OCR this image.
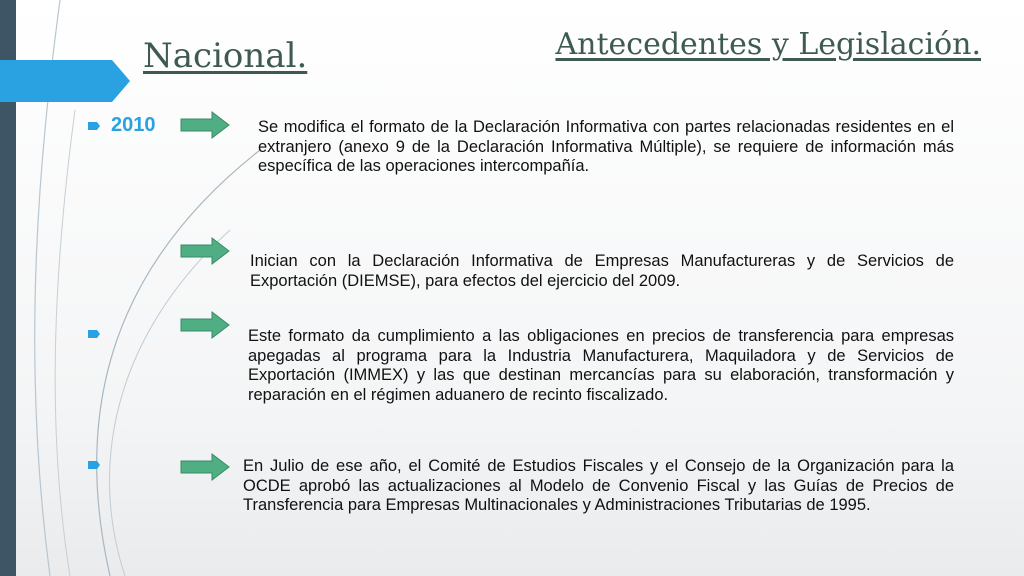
Nacional.	Antecedentes y Legislación.
2010	Se modifica el formato de la Declaración Informativa con partes relacionadas residentes en el extranjero (anexo 9 de la Declaración Informativa Múltiple), se requiere de información más específica de las operaciones intercompañía.
Inician con la Declaración Informativa de Empresas Manufactureras y de Servicios de Exportación (DIEMSE), para efectos del ejercicio del 2009.
Este formato da cumplimiento a las obligaciones en precios de transferencia para empresas apegadas al programa para la Industria Manufacturera, Maquiladora y de Servicios de Exportación (IMMEX) y las que destinan mercancías para su elaboración, transformación y reparación en el régimen aduanero de recinto fiscalizado.
En Julio de ese año, el Comité de Estudios Fiscales y el Consejo de la Organización para la OCDE aprobó las actualizaciones al Modelo de Convenio Fiscal y las Guías de Precios de Transferencia para Empresas Multinacionales y Administraciones Tributarias de 1995.
